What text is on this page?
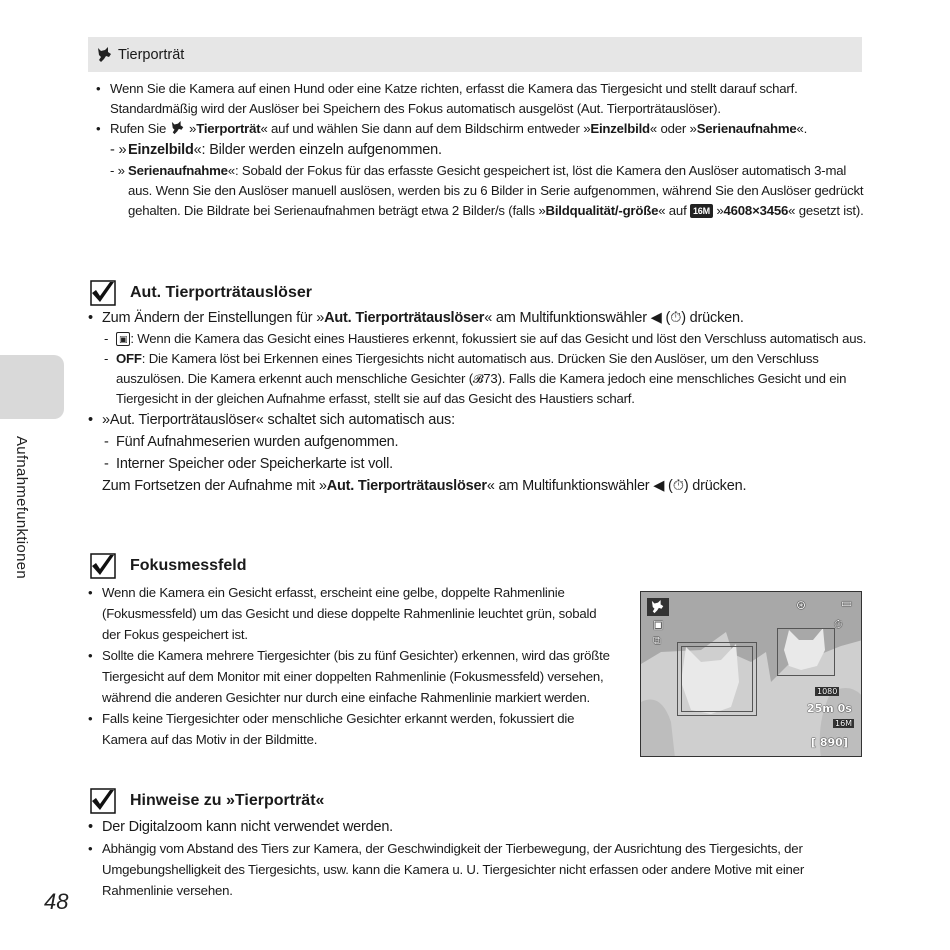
Aufnahmefunktionen
48
Tierporträt
• Wenn Sie die Kamera auf einen Hund oder eine Katze richten, erfasst die Kamera das Tiergesicht und stellt darauf scharf. Standardmäßig wird der Auslöser bei Speichern des Fokus automatisch ausgelöst (Aut. Tierporträtauslöser).
• Rufen Sie  »Tierporträt« auf und wählen Sie dann auf dem Bildschirm entweder »Einzelbild« oder »Serienaufnahme«.
- » Einzelbild«: Bilder werden einzeln aufgenommen.
- » Serienaufnahme«: Sobald der Fokus für das erfasste Gesicht gespeichert ist, löst die Kamera den Auslöser automatisch 3-mal aus. Wenn Sie den Auslöser manuell auslösen, werden bis zu 6 Bilder in Serie aufgenommen, während Sie den Auslöser gedrückt gehalten. Die Bildrate bei Serienaufnahmen beträgt etwa 2 Bilder/s (falls »Bildqualität/-größe« auf 16M »4608×3456« gesetzt ist).
Aut. Tierporträtauslöser
• Zum Ändern der Einstellungen für »Aut. Tierporträtauslöser« am Multifunktionswähler ◀ (⏱) drücken.
- ▣ : Wenn die Kamera das Gesicht eines Haustieres erkennt, fokussiert sie auf das Gesicht und löst den Verschluss automatisch aus.
- OFF: Die Kamera löst bei Erkennen eines Tiergesichts nicht automatisch aus. Drücken Sie den Auslöser, um den Verschluss auszulösen. Die Kamera erkennt auch menschliche Gesichter (𝓑73). Falls die Kamera jedoch eine menschliches Gesicht und ein Tiergesicht in der gleichen Aufnahme erfasst, stellt sie auf das Gesicht des Haustiers scharf.
• »Aut. Tierporträtauslöser« schaltet sich automatisch aus:
- Fünf Aufnahmeserien wurden aufgenommen.
- Interner Speicher oder Speicherkarte ist voll.
Zum Fortsetzen der Aufnahme mit »Aut. Tierporträtauslöser« am Multifunktionswähler ◀ (⏱) drücken.
Fokusmessfeld
• Wenn die Kamera ein Gesicht erfasst, erscheint eine gelbe, doppelte Rahmenlinie (Fokusmessfeld) um das Gesicht und diese doppelte Rahmenlinie leuchtet grün, sobald der Fokus gespeichert ist.
• Sollte die Kamera mehrere Tiergesichter (bis zu fünf Gesichter) erkennen, wird das größte Tiergesicht auf dem Monitor mit einer doppelten Rahmenlinie (Fokusmessfeld) versehen, während die anderen Gesichter nur durch eine einfache Rahmenlinie markiert werden.
• Falls keine Tiergesichter oder menschliche Gesichter erkannt werden, fokussiert die Kamera auf das Motiv in der Bildmitte.
⊛	▭
▣
⧉
⏱
1080
25m 0s
16M
[ 890]
Hinweise zu »Tierporträt«
• Der Digitalzoom kann nicht verwendet werden.
• Abhängig vom Abstand des Tiers zur Kamera, der Geschwindigkeit der Tierbewegung, der Ausrichtung des Tiergesichts, der Umgebungshelligkeit des Tiergesichts, usw. kann die Kamera u. U. Tiergesichter nicht erfassen oder andere Motive mit einer Rahmenlinie versehen.
